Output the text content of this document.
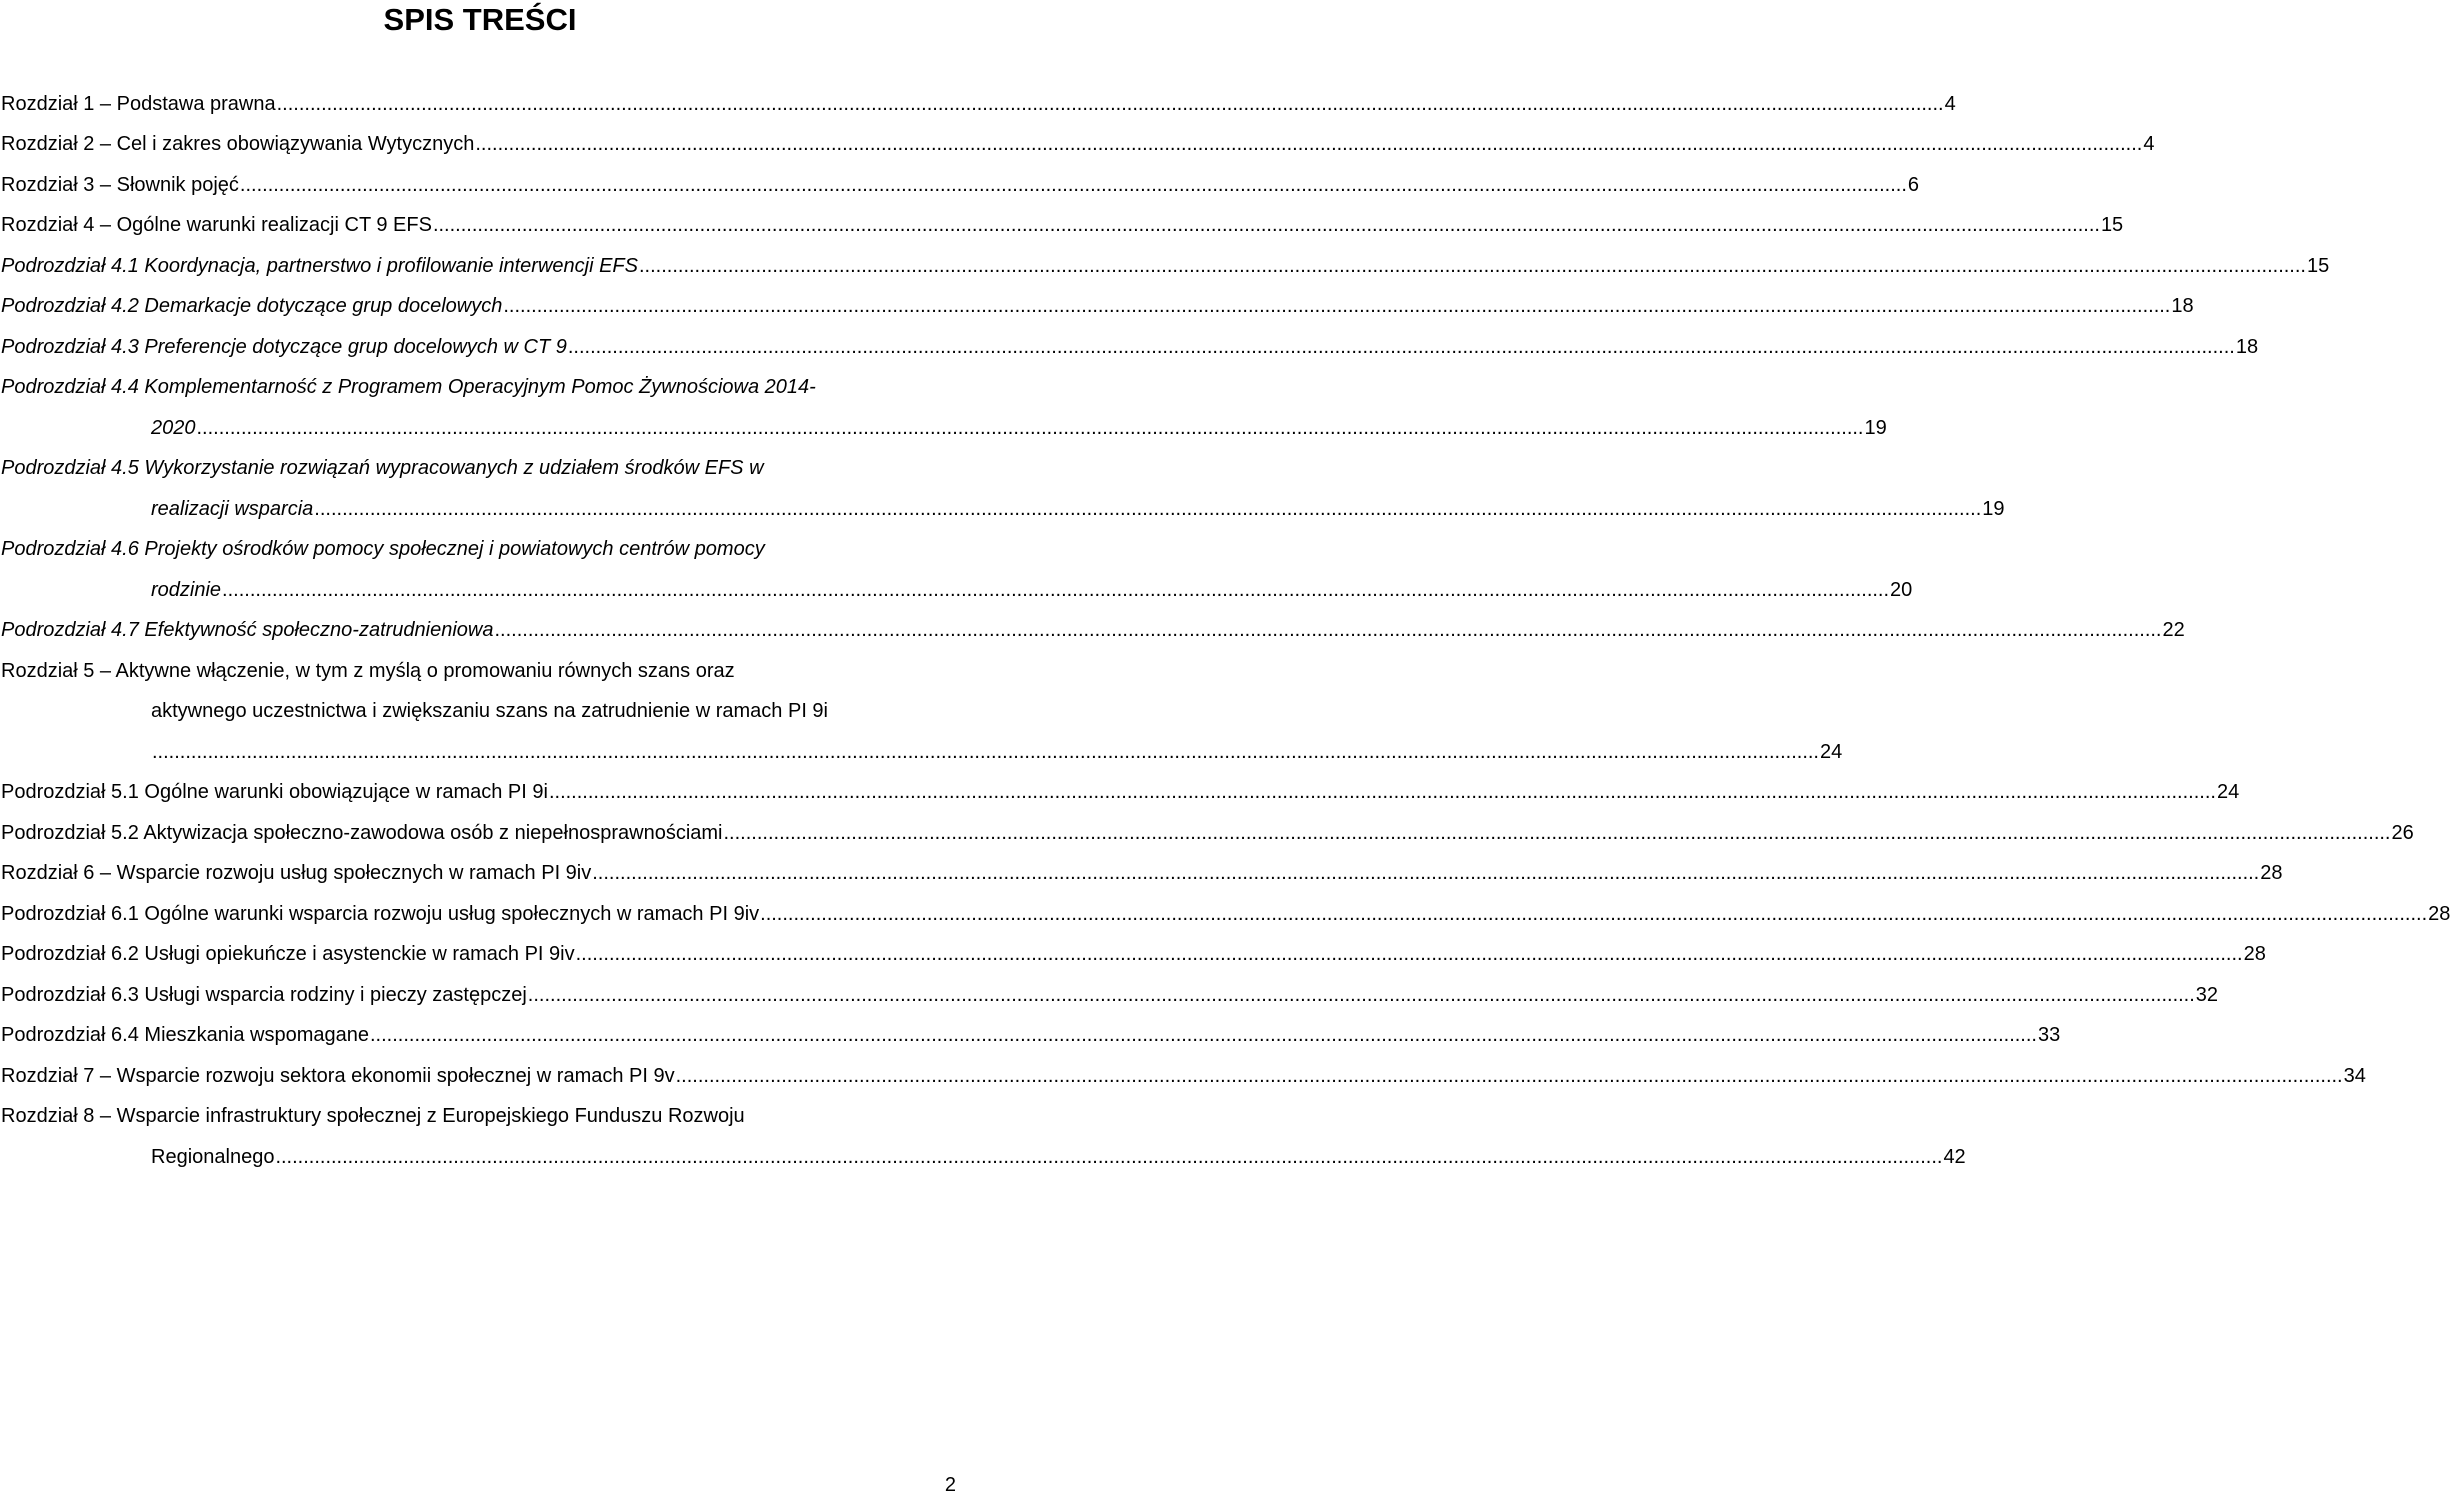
SPIS TREŚCI
Rozdział 1 – Podstawa prawna ............................................................................................................................................................................................................................................................................................................ 4
Rozdział 2 – Cel i zakres obowiązywania Wytycznych ............................................................................................................................................................................................................................................................................................................ 4
Rozdział 3 – Słownik pojęć ............................................................................................................................................................................................................................................................................................................ 6
Rozdział 4 – Ogólne warunki realizacji CT 9 EFS ............................................................................................................................................................................................................................................................................................................ 15
Podrozdział 4.1 Koordynacja, partnerstwo i profilowanie interwencji EFS ............................................................................................................................................................................................................................................................................................................ 15
Podrozdział 4.2 Demarkacje dotyczące grup docelowych ............................................................................................................................................................................................................................................................................................................ 18
Podrozdział 4.3 Preferencje dotyczące grup docelowych w CT 9 ............................................................................................................................................................................................................................................................................................................ 18
Podrozdział 4.4 Komplementarność z Programem Operacyjnym Pomoc Żywnościowa 2014-
2020 ............................................................................................................................................................................................................................................................................................................ 19
Podrozdział 4.5 Wykorzystanie rozwiązań wypracowanych z udziałem środków EFS w
realizacji wsparcia ............................................................................................................................................................................................................................................................................................................ 19
Podrozdział 4.6 Projekty ośrodków pomocy społecznej i powiatowych centrów pomocy
rodzinie ............................................................................................................................................................................................................................................................................................................ 20
Podrozdział 4.7 Efektywność społeczno-zatrudnieniowa ............................................................................................................................................................................................................................................................................................................ 22
Rozdział 5 – Aktywne włączenie, w tym z myślą o promowaniu równych szans oraz
aktywnego uczestnictwa i zwiększaniu szans na zatrudnienie w ramach PI 9i
............................................................................................................................................................................................................................................................................................................ 24
Podrozdział 5.1 Ogólne warunki obowiązujące w ramach PI 9i ............................................................................................................................................................................................................................................................................................................ 24
Podrozdział 5.2 Aktywizacja społeczno-zawodowa osób z niepełnosprawnościami ............................................................................................................................................................................................................................................................................................................ 26
Rozdział 6 – Wsparcie rozwoju usług społecznych w ramach PI 9iv ............................................................................................................................................................................................................................................................................................................ 28
Podrozdział 6.1 Ogólne warunki wsparcia rozwoju usług społecznych w ramach PI 9iv ............................................................................................................................................................................................................................................................................................................ 28
Podrozdział 6.2 Usługi opiekuńcze i asystenckie w ramach PI 9iv ............................................................................................................................................................................................................................................................................................................ 28
Podrozdział 6.3 Usługi wsparcia rodziny i pieczy zastępczej ............................................................................................................................................................................................................................................................................................................ 32
Podrozdział 6.4 Mieszkania wspomagane ............................................................................................................................................................................................................................................................................................................ 33
Rozdział 7 – Wsparcie rozwoju sektora ekonomii społecznej w ramach PI 9v ............................................................................................................................................................................................................................................................................................................ 34
Rozdział 8 – Wsparcie infrastruktury społecznej z Europejskiego Funduszu Rozwoju
Regionalnego ............................................................................................................................................................................................................................................................................................................ 42
2
